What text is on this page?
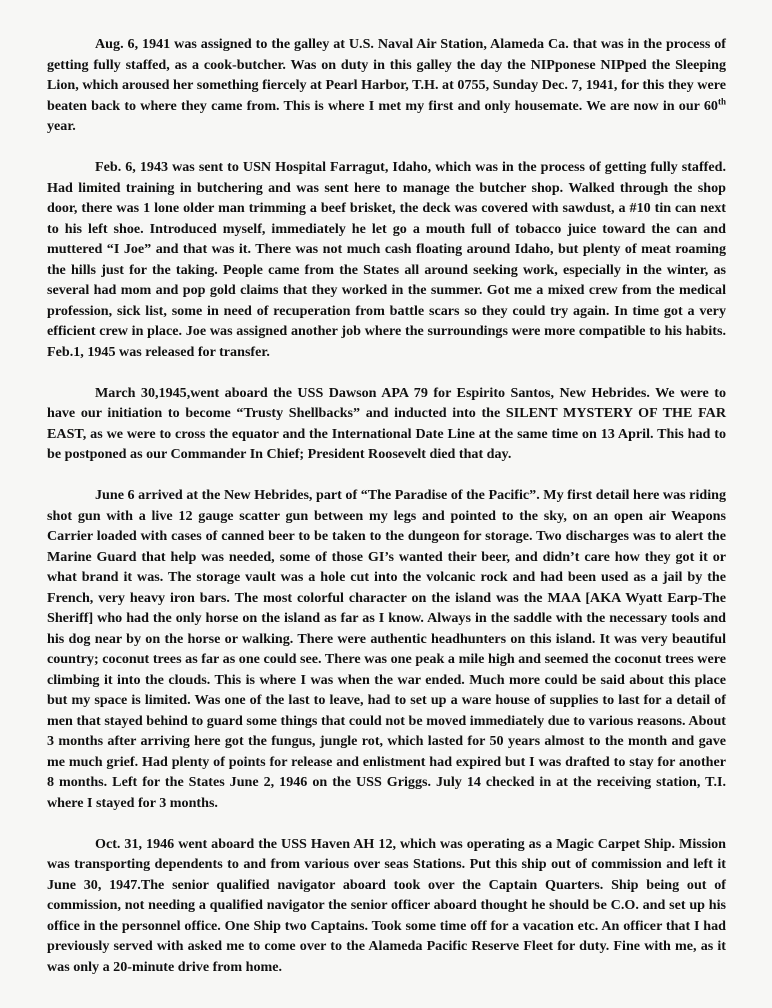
Aug. 6, 1941 was assigned to the galley at U.S. Naval Air Station, Alameda Ca. that was in the process of getting fully staffed, as a cook-butcher. Was on duty in this galley the day the NIPponese NIPped the Sleeping Lion, which aroused her something fiercely at Pearl Harbor, T.H. at 0755, Sunday Dec. 7, 1941, for this they were beaten back to where they came from. This is where I met my first and only housemate. We are now in our 60th year.

Feb. 6, 1943 was sent to USN Hospital Farragut, Idaho, which was in the process of getting fully staffed. Had limited training in butchering and was sent here to manage the butcher shop. Walked through the shop door, there was 1 lone older man trimming a beef brisket, the deck was covered with sawdust, a #10 tin can next to his left shoe. Introduced myself, immediately he let go a mouth full of tobacco juice toward the can and muttered “I Joe” and that was it. There was not much cash floating around Idaho, but plenty of meat roaming the hills just for the taking. People came from the States all around seeking work, especially in the winter, as several had mom and pop gold claims that they worked in the summer. Got me a mixed crew from the medical profession, sick list, some in need of recuperation from battle scars so they could try again. In time got a very efficient crew in place. Joe was assigned another job where the surroundings were more compatible to his habits. Feb.1, 1945 was released for transfer.

March 30,1945,went aboard the USS Dawson APA 79 for Espirito Santos, New Hebrides. We were to have our initiation to become “Trusty Shellbacks” and inducted into the SILENT MYSTERY OF THE FAR EAST, as we were to cross the equator and the International Date Line at the same time on 13 April. This had to be postponed as our Commander In Chief; President Roosevelt died that day.

June 6 arrived at the New Hebrides, part of “The Paradise of the Pacific”. My first detail here was riding shot gun with a live 12 gauge scatter gun between my legs and pointed to the sky, on an open air Weapons Carrier loaded with cases of canned beer to be taken to the dungeon for storage. Two discharges was to alert the Marine Guard that help was needed, some of those GI’s wanted their beer, and didn’t care how they got it or what brand it was. The storage vault was a hole cut into the volcanic rock and had been used as a jail by the French, very heavy iron bars. The most colorful character on the island was the MAA [AKA Wyatt Earp-The Sheriff] who had the only horse on the island as far as I know. Always in the saddle with the necessary tools and his dog near by on the horse or walking. There were authentic headhunters on this island. It was very beautiful country; coconut trees as far as one could see. There was one peak a mile high and seemed the coconut trees were climbing it into the clouds. This is where I was when the war ended. Much more could be said about this place but my space is limited. Was one of the last to leave, had to set up a ware house of supplies to last for a detail of men that stayed behind to guard some things that could not be moved immediately due to various reasons. About 3 months after arriving here got the fungus, jungle rot, which lasted for 50 years almost to the month and gave me much grief. Had plenty of points for release and enlistment had expired but I was drafted to stay for another 8 months. Left for the States June 2, 1946 on the USS Griggs. July 14 checked in at the receiving station, T.I. where I stayed for 3 months.

Oct. 31, 1946 went aboard the USS Haven AH 12, which was operating as a Magic Carpet Ship. Mission was transporting dependents to and from various over seas Stations. Put this ship out of commission and left it June 30, 1947.The senior qualified navigator aboard took over the Captain Quarters. Ship being out of commission, not needing a qualified navigator the senior officer aboard thought he should be C.O. and set up his office in the personnel office. One Ship two Captains. Took some time off for a vacation etc. An officer that I had previously served with asked me to come over to the Alameda Pacific Reserve Fleet for duty. Fine with me, as it was only a 20-minute drive from home.
